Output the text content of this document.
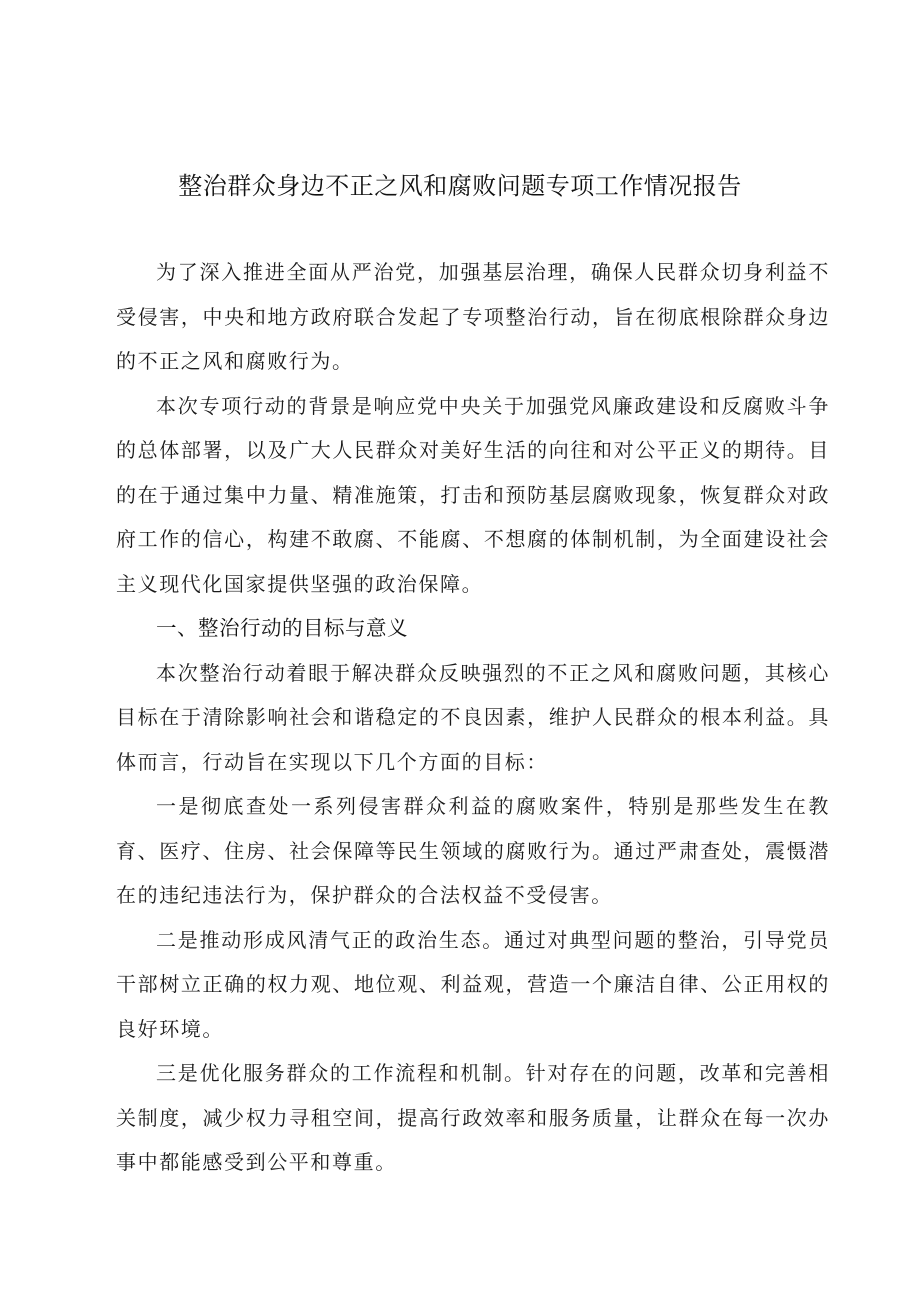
整治群众身边不正之风和腐败问题专项工作情况报告

为了深入推进全面从严治党，加强基层治理，确保人民群众切身利益不受侵害，中央和地方政府联合发起了专项整治行动，旨在彻底根除群众身边的不正之风和腐败行为。

本次专项行动的背景是响应党中央关于加强党风廉政建设和反腐败斗争的总体部署，以及广大人民群众对美好生活的向往和对公平正义的期待。目的在于通过集中力量、精准施策，打击和预防基层腐败现象，恢复群众对政府工作的信心，构建不敢腐、不能腐、不想腐的体制机制，为全面建设社会主义现代化国家提供坚强的政治保障。

一、整治行动的目标与意义

本次整治行动着眼于解决群众反映强烈的不正之风和腐败问题，其核心目标在于清除影响社会和谐稳定的不良因素，维护人民群众的根本利益。具体而言，行动旨在实现以下几个方面的目标：

一是彻底查处一系列侵害群众利益的腐败案件，特别是那些发生在教育、医疗、住房、社会保障等民生领域的腐败行为。通过严肃查处，震慑潜在的违纪违法行为，保护群众的合法权益不受侵害。

二是推动形成风清气正的政治生态。通过对典型问题的整治，引导党员干部树立正确的权力观、地位观、利益观，营造一个廉洁自律、公正用权的良好环境。

三是优化服务群众的工作流程和机制。针对存在的问题，改革和完善相关制度，减少权力寻租空间，提高行政效率和服务质量，让群众在每一次办事中都能感受到公平和尊重。
